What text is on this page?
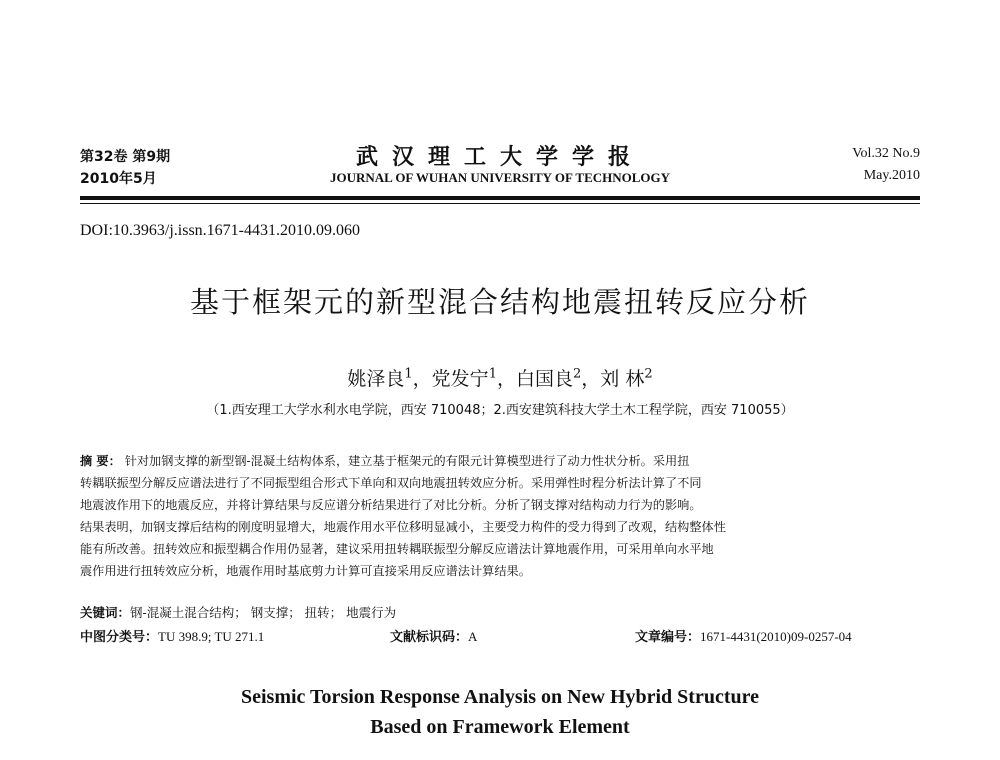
第32卷 第9期
2010年5月
武汉理工大学学报
JOURNAL OF WUHAN UNIVERSITY OF TECHNOLOGY
Vol.32 No.9
May.2010
DOI:10.3963/j.issn.1671-4431.2010.09.060
基于框架元的新型混合结构地震扭转反应分析
姚泽良$^1$，党发宁$^1$，白国良$^2$，刘 林$^2$
（1.西安理工大学水利水电学院，西安 710048；2.西安建筑科技大学土木工程学院，西安 710055）
摘 要： 针对加钢支撑的新型钢-混凝土结构体系，建立基于框架元的有限元计算模型进行了动力性状分析。采用扭
转耦联振型分解反应谱法进行了不同振型组合形式下单向和双向地震扭转效应分析。采用弹性时程分析法计算了不同
地震波作用下的地震反应，并将计算结果与反应谱分析结果进行了对比分析。分析了钢支撑对结构动力行为的影响。
结果表明，加钢支撑后结构的刚度明显增大，地震作用水平位移明显减小，主要受力构件的受力得到了改观，结构整体性
能有所改善。扭转效应和振型耦合作用仍显著，建议采用扭转耦联振型分解反应谱法计算地震作用，可采用单向水平地
震作用进行扭转效应分析，地震作用时基底剪力计算可直接采用反应谱法计算结果。
关键词：钢-混凝土混合结构； 钢支撑； 扭转； 地震行为
中图分类号：TU 398.9; TU 271.1	文献标识码：A	文章编号：1671-4431(2010)09-0257-04
Seismic Torsion Response Analysis on New Hybrid Structure
Based on Framework Element
